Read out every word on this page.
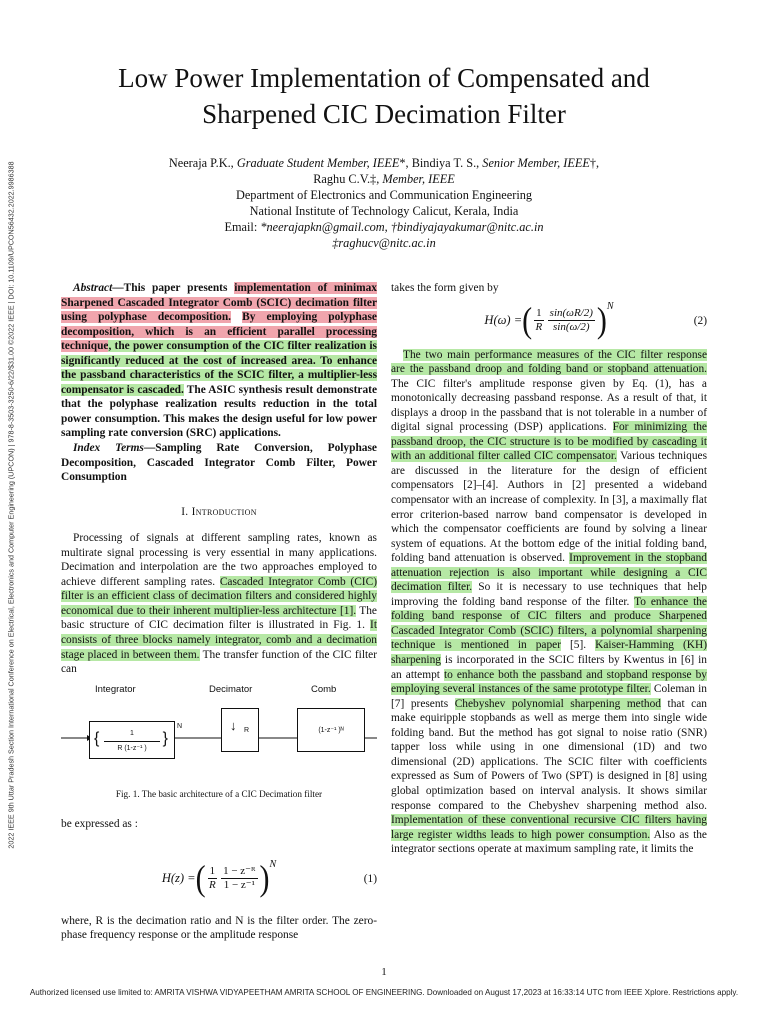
2022 IEEE 9th Uttar Pradesh Section International Conference on Electrical, Electronics and Computer Engineering (UPCON) | 978-8-3503-3250-6/22/$31.00 ©2022 IEEE | DOI: 10.1109/UPCON56432.2022.9986388
Low Power Implementation of Compensated and
Sharpened CIC Decimation Filter
Neeraja P.K., Graduate Student Member, IEEE*, Bindiya T. S., Senior Member, IEEE†,
Raghu C.V.‡, Member, IEEE
Department of Electronics and Communication Engineering
National Institute of Technology Calicut, Kerala, India
Email: *neerajapkn@gmail.com, †bindiyajayakumar@nitc.ac.in
‡raghucv@nitc.ac.in

Abstract—This paper presents implementation of minimax Sharpened Cascaded Integrator Comb (SCIC) decimation filter using polyphase decomposition. By employing polyphase decomposition, which is an efficient parallel processing technique, the power consumption of the CIC filter realization is significantly reduced at the cost of increased area. To enhance the passband characteristics of the SCIC filter, a multiplier-less compensator is cascaded. The ASIC synthesis result demonstrate that the polyphase realization results reduction in the total power consumption. This makes the design useful for low power sampling rate conversion (SRC) applications.

Index Terms—Sampling Rate Conversion, Polyphase Decomposition, Cascaded Integrator Comb Filter, Power Consumption

I. Introduction

Processing of signals at different sampling rates, known as multirate signal processing is very essential in many applications. Decimation and interpolation are the two approaches employed to achieve different sampling rates. Cascaded Integrator Comb (CIC) filter is an efficient class of decimation filters and considered highly economical due to their inherent multiplier-less architecture [1]. The basic structure of CIC decimation filter is illustrated in Fig. 1. It consists of three blocks namely integrator, comb and a decimation stage placed in between them. The transfer function of the CIC filter can

Integrator	Decimator	Comb
{	1
R (1-z⁻¹ )
}
N	↓ R	(1-z⁻¹ )ᴺ
Fig. 1. The basic architecture of a CIC Decimation filter

be expressed as :

H(z) = ( $\frac{1}{R} \frac{\text{1 − z⁻ᴿ}}{\text{1 − z⁻¹}} )^N$
(1)

where, R is the decimation ratio and N is the filter order. The zero-phase frequency response or the amplitude response

takes the form given by

H(ω) = ( $\frac{1}{R} \frac{\sin(\omega R/2)}{\sin(\omega/2)} )^N$
(2)

The two main performance measures of the CIC filter response are the passband droop and folding band or stopband attenuation. The CIC filter's amplitude response given by Eq. (1), has a monotonically decreasing passband response. As a result of that, it displays a droop in the passband that is not tolerable in a number of digital signal processing (DSP) applications. For minimizing the passband droop, the CIC structure is to be modified by cascading it with an additional filter called CIC compensator. Various techniques are discussed in the literature for the design of efficient compensators [2]–[4]. Authors in [2] presented a wideband compensator with an increase of complexity. In [3], a maximally flat error criterion-based narrow band compensator is developed in which the compensator coefficients are found by solving a linear system of equations. At the bottom edge of the initial folding band, folding band attenuation is observed. Improvement in the stopband attenuation rejection is also important while designing a CIC decimation filter. So it is necessary to use techniques that help improving the folding band response of the filter. To enhance the folding band response of CIC filters and produce Sharpened Cascaded Integrator Comb (SCIC) filters, a polynomial sharpening technique is mentioned in paper [5]. Kaiser-Hamming (KH) sharpening is incorporated in the SCIC filters by Kwentus in [6] in an attempt to enhance both the passband and stopband response by employing several instances of the same prototype filter. Coleman in [7] presents Chebyshev polynomial sharpening method that can make equiripple stopbands as well as merge them into single wide folding band. But the method has got signal to noise ratio (SNR) tapper loss while using in one dimensional (1D) and two dimensional (2D) applications. The SCIC filter with coefficients expressed as Sum of Powers of Two (SPT) is designed in [8] using global optimization based on interval analysis. It shows similar response compared to the Chebyshev sharpening method also. Implementation of these conventional recursive CIC filters having large register widths leads to high power consumption. Also as the integrator sections operate at maximum sampling rate, it limits the

1
Authorized licensed use limited to: AMRITA VISHWA VIDYAPEETHAM AMRITA SCHOOL OF ENGINEERING. Downloaded on August 17,2023 at 16:33:14 UTC from IEEE Xplore. Restrictions apply.
